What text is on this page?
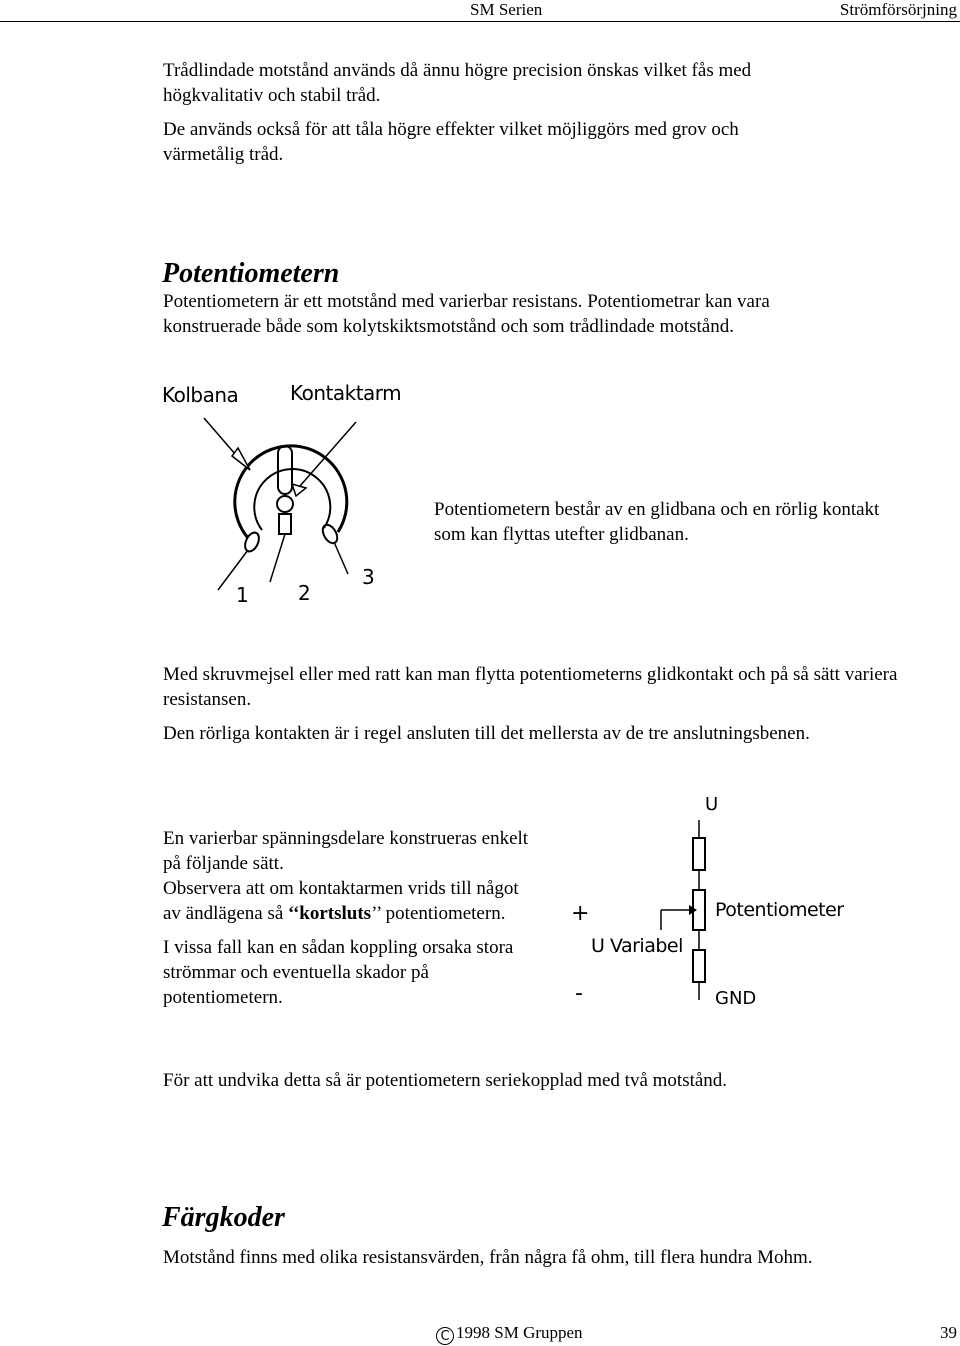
SM Serien	Strömförsörjning
Trådlindade motstånd används då ännu högre precision önskas vilket fås med högkvalitativ och stabil tråd.
De används också för att tåla högre effekter vilket möjliggörs med grov och värmetålig tråd.
Potentiometern
Potentiometern är ett motstånd med varierbar resistans. Potentiometrar kan vara konstruerade både som kolytskiktsmotstånd och som trådlindade motstånd.
Kolbana	Kontaktarm
1 2
3
Potentiometern består av en glidbana och en rörlig kontakt som kan flyttas utefter glidbanan.
Med skruvmejsel eller med ratt kan man flytta potentiometerns glidkontakt och på så sätt variera resistansen.
Den rörliga kontakten är i regel ansluten till det mellersta av de tre anslutningsbenen.

En varierbar spänningsdelare konstrueras enkelt på följande sätt.

Observera att om kontaktarmen vrids till något av ändlägena så ‘‘kortsluts’’ potentiometern.

I vissa fall kan en sådan koppling orsaka stora strömmar och eventuella skador på potentiometern.

U
+	Potentiometer
U Variabel
-	GND
För att undvika detta så är potentiometern seriekopplad med två motstånd.
Färgkoder
Motstånd finns med olika resistansvärden, från några få ohm, till flera hundra Mohm.
C 1998 SM Gruppen	39
